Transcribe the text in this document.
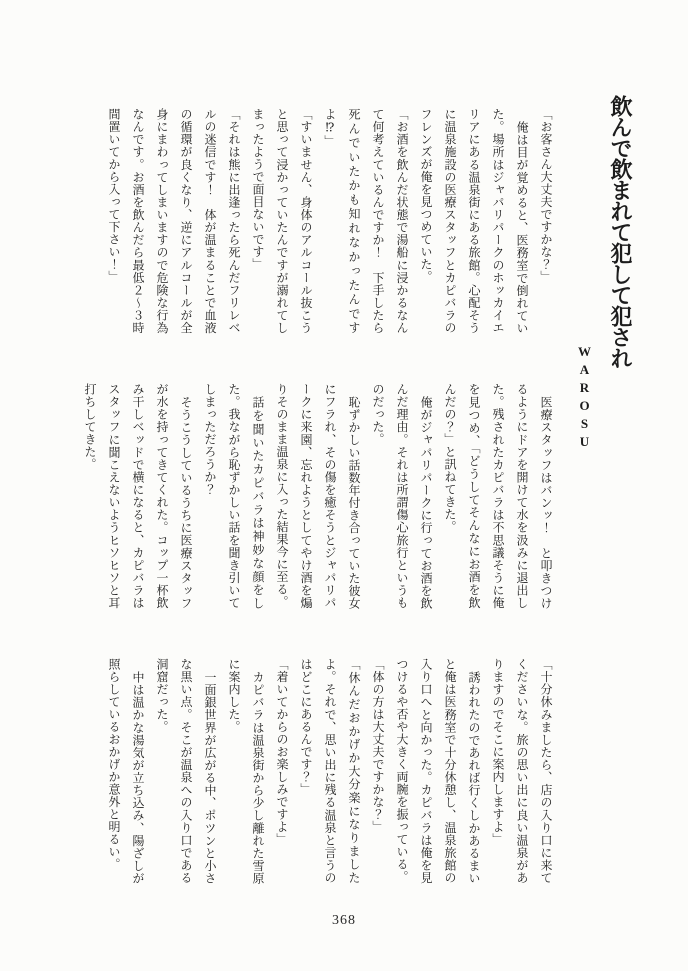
飲んで飲まれて犯して犯され
WAROSU

「お客さん大丈夫ですかな？」

俺は目が覚めると、医務室で倒れていた。場所はジャパリパークのホッカイエリアにある温泉街にある旅館。心配そうに温泉施設の医療スタッフとカピバラのフレンズが俺を見つめていた。

「お酒を飲んだ状態で湯船に浸かるなんて何考えているんですか！　下手したら死んでいたかも知れなかったんですよ⁉」

「すいません、身体のアルコール抜こうと思って浸かっていたんですが溺れてしまったようで面目ないです」

「それは熊に出逢ったら死んだフリレベルの迷信です！　体が温まることで血液の循環が良くなり、逆にアルコールが全身にまわってしまいますので危険な行為なんです。お酒を飲んだら最低２～３時間置いてから入って下さい！」

医療スタッフはバンッ！　と叩きつけるようにドアを開けて水を汲みに退出した。残されたカピバラは不思議そうに俺を見つめ、「どうしてそんなにお酒を飲んだの？」と訊ねてきた。

俺がジャパリパークに行ってお酒を飲んだ理由。それは所謂傷心旅行というものだった。

恥ずかしい話数年付き合っていた彼女にフラれ、その傷を癒そうとジャパリパークに来園、忘れようとしてやけ酒を煽りそのまま温泉に入った結果今に至る。

話を聞いたカピバラは神妙な顔をした。我ながら恥ずかしい話を聞き引いてしまっただろうか？

そうこうしているうちに医療スタッフが水を持ってきてくれた。コップ一杯飲み干しベッドで横になると、カピバラはスタッフに聞こえないようヒソヒソと耳打ちしてきた。

「十分休みましたら、店の入り口に来てくださいな。旅の思い出に良い温泉がありますのでそこに案内しますよ」

誘われたのであれば行くしかあるまいと俺は医務室で十分休憩し、温泉旅館の入り口へと向かった。カピバラは俺を見つけるや否や大きく両腕を振っている。

「体の方は大丈夫ですかな？」

「休んだおかげか大分楽になりましたよ。それで、思い出に残る温泉と言うのはどこにあるんです？」

「着いてからのお楽しみですよ」

カピバラは温泉街から少し離れた雪原に案内した。

一面銀世界が広がる中、ポツンと小さな黒い点。そこが温泉への入り口である洞窟だった。

中は温かな湯気が立ち込み、陽ざしが照らしているおかげか意外と明るい。

368
